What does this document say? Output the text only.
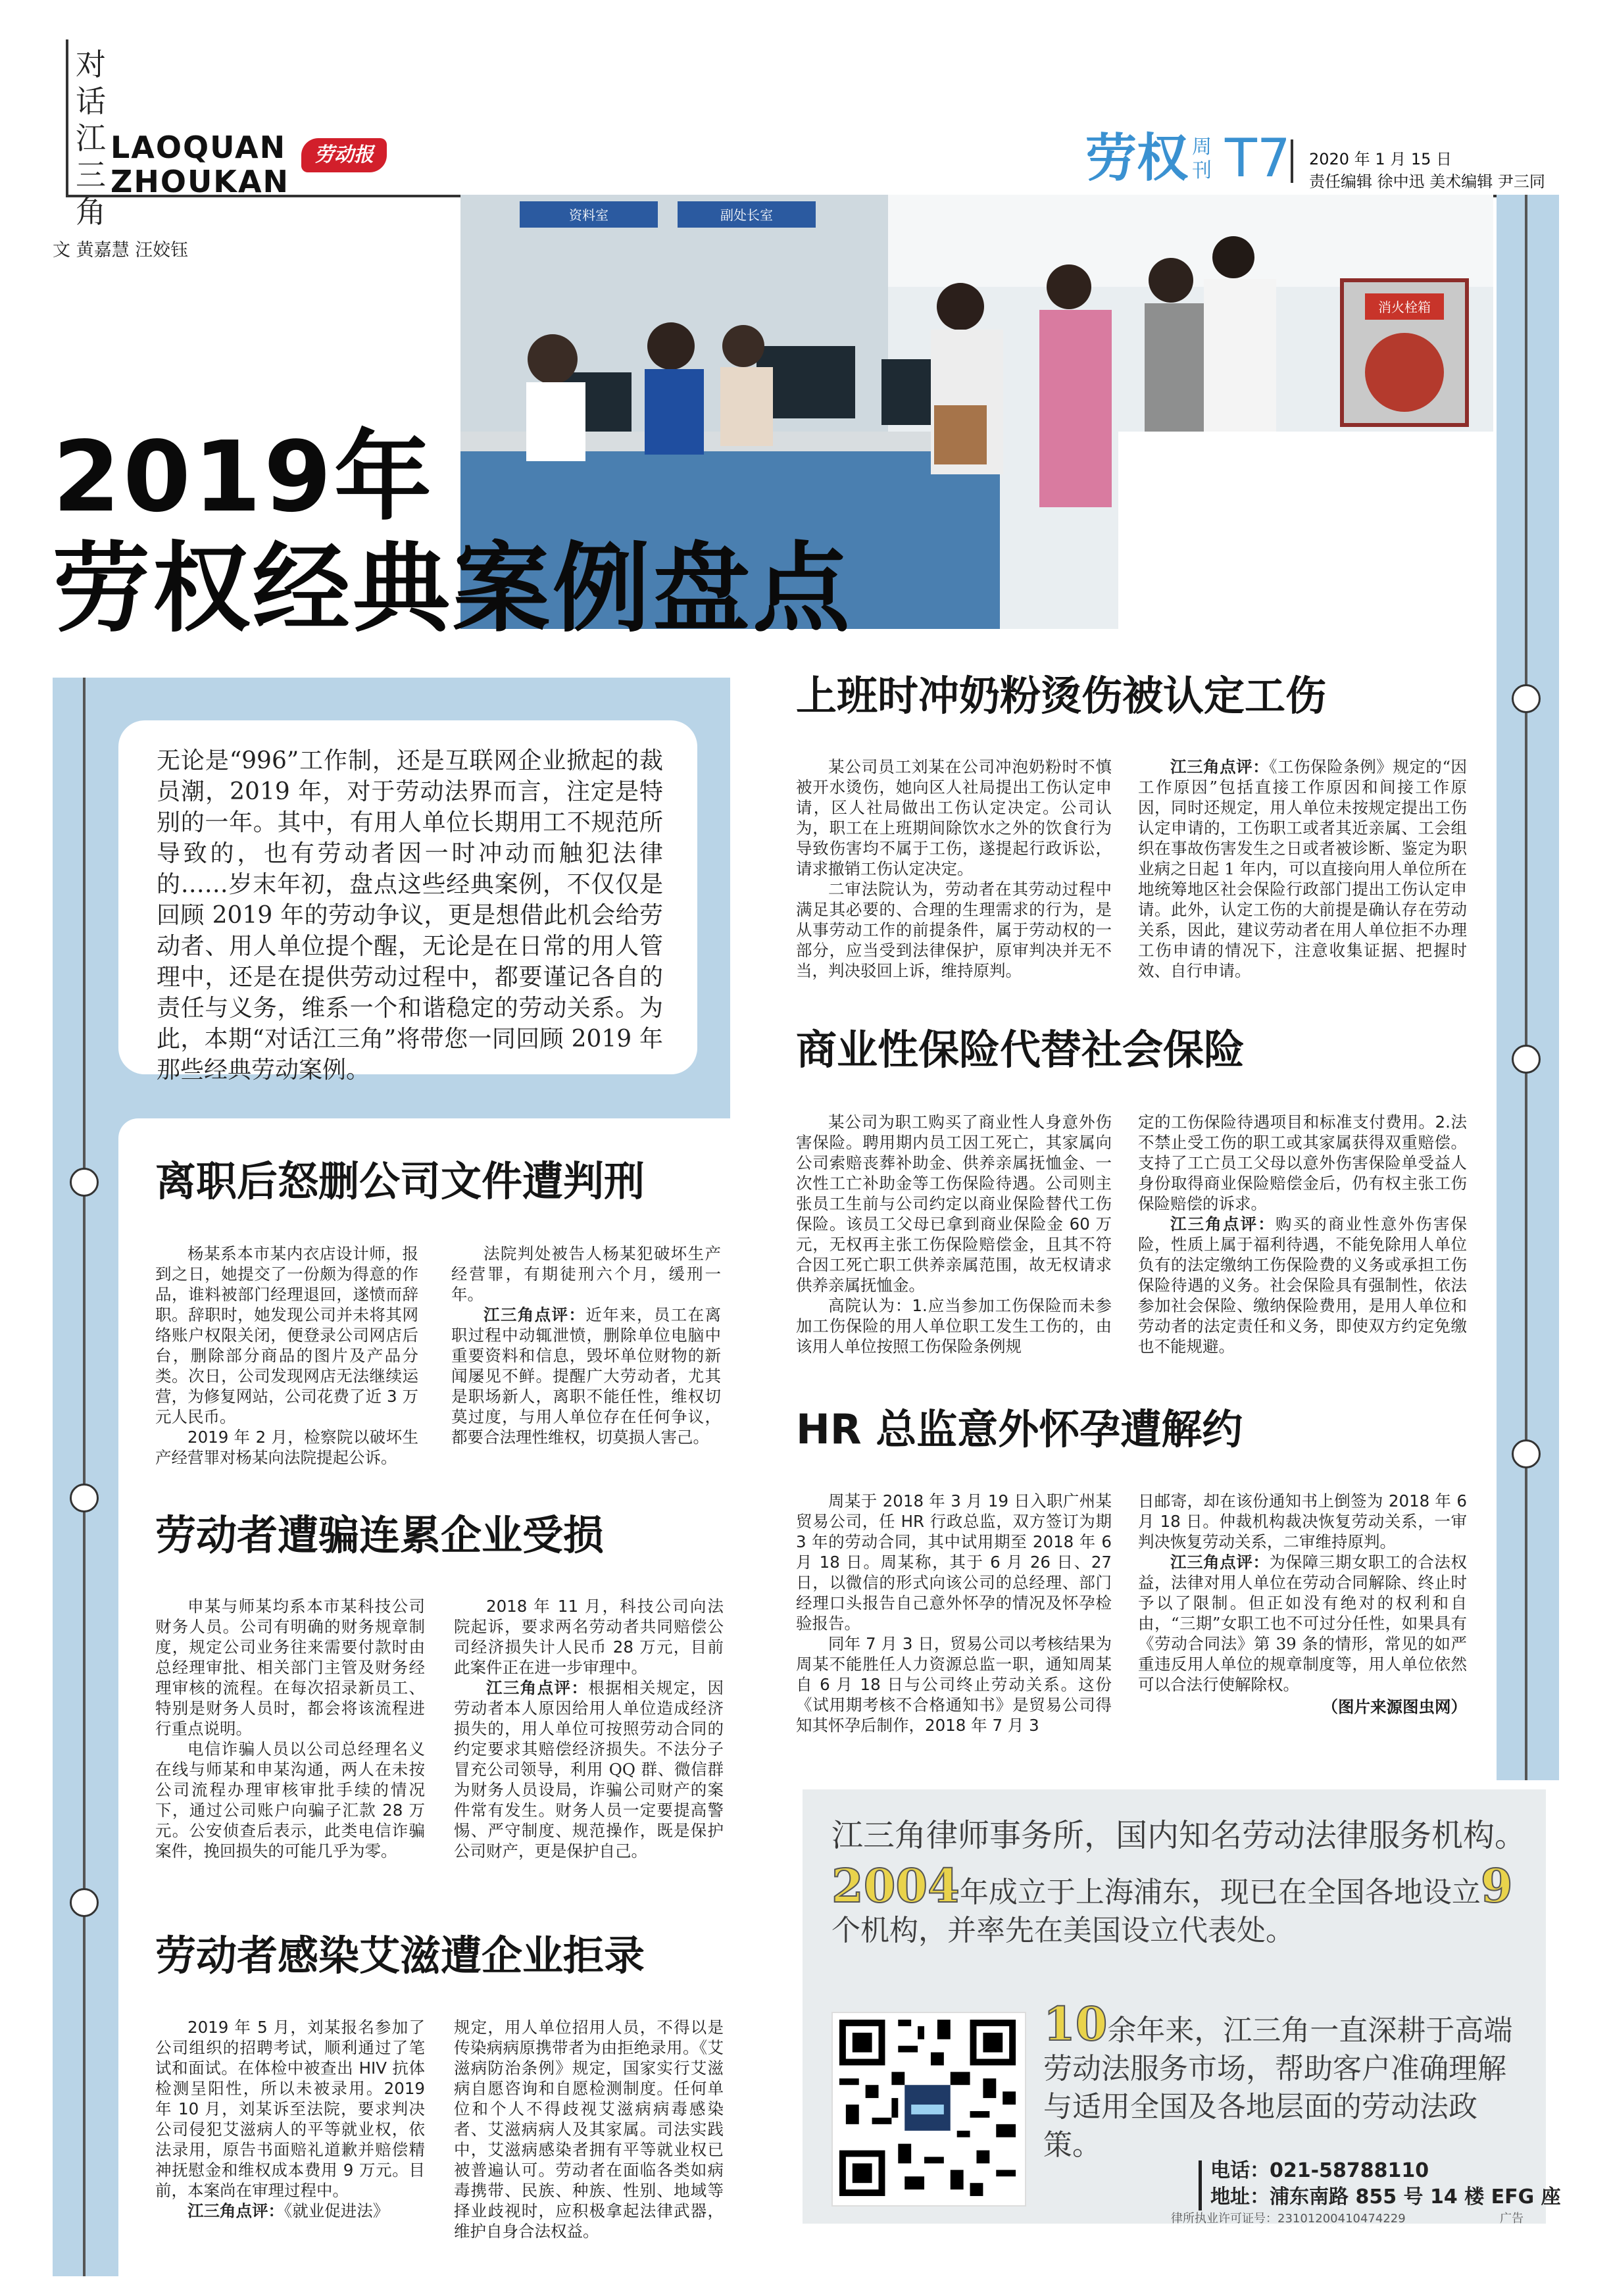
对话江三角
LAOQUAN
ZHOUKAN
劳动报	劳权 周刊 T7 2020 年 1 月 15 日
责任编辑 徐中迅 美术编辑 尹三同
文 黄嘉慧 汪姣钰
资料室	副处长室
消火栓箱
2019年
劳权经典案例盘点
无论是“996”工作制，还是互联网企业掀起的裁员潮，2019 年，对于劳动法界而言，注定是特别的一年。其中，有用人单位长期用工不规范所导致的，也有劳动者因一时冲动而触犯法律的……岁末年初，盘点这些经典案例，不仅仅是回顾 2019 年的劳动争议，更是想借此机会给劳动者、用人单位提个醒，无论是在日常的用人管理中，还是在提供劳动过程中，都要谨记各自的责任与义务，维系一个和谐稳定的劳动关系。为此，本期“对话江三角”将带您一同回顾 2019 年那些经典劳动案例。
离职后怒删公司文件遭判刑

杨某系本市某内衣店设计师，报到之日，她提交了一份颇为得意的作品，谁料被部门经理退回，遂愤而辞职。辞职时，她发现公司并未将其网络账户权限关闭，便登录公司网店后台，删除部分商品的图片及产品分类。次日，公司发现网店无法继续运营，为修复网站，公司花费了近 3 万元人民币。

2019 年 2 月，检察院以破坏生产经营罪对杨某向法院提起公诉。

法院判处被告人杨某犯破坏生产经营罪，有期徒刑六个月，缓刑一年。

江三角点评：近年来，员工在离职过程中动辄泄愤，删除单位电脑中重要资料和信息，毁坏单位财物的新闻屡见不鲜。提醒广大劳动者，尤其是职场新人，离职不能任性，维权切莫过度，与用人单位存在任何争议，都要合法理性维权，切莫损人害己。

劳动者遭骗连累企业受损

申某与师某均系本市某科技公司财务人员。公司有明确的财务规章制度，规定公司业务往来需要付款时由总经理审批、相关部门主管及财务经理审核的流程。在每次招录新员工、特别是财务人员时，都会将该流程进行重点说明。

电信诈骗人员以公司总经理名义在线与师某和申某沟通，两人在未按公司流程办理审核审批手续的情况下，通过公司账户向骗子汇款 28 万元。公安侦查后表示，此类电信诈骗案件，挽回损失的可能几乎为零。

2018 年 11 月，科技公司向法院起诉，要求两名劳动者共同赔偿公司经济损失计人民币 28 万元，目前此案件正在进一步审理中。

江三角点评：根据相关规定，因劳动者本人原因给用人单位造成经济损失的，用人单位可按照劳动合同的约定要求其赔偿经济损失。不法分子冒充公司领导，利用 QQ 群、微信群为财务人员设局，诈骗公司财产的案件常有发生。财务人员一定要提高警惕、严守制度、规范操作，既是保护公司财产，更是保护自己。

劳动者感染艾滋遭企业拒录

2019 年 5 月，刘某报名参加了公司组织的招聘考试，顺利通过了笔试和面试。在体检中被查出 HIV 抗体检测呈阳性，所以未被录用。2019 年 10 月，刘某诉至法院，要求判决公司侵犯艾滋病人的平等就业权，依法录用，原告书面赔礼道歉并赔偿精神抚慰金和维权成本费用 9 万元。目前，本案尚在审理过程中。

江三角点评：《就业促进法》

规定，用人单位招用人员，不得以是传染病病原携带者为由拒绝录用。《艾滋病防治条例》规定，国家实行艾滋病自愿咨询和自愿检测制度。任何单位和个人不得歧视艾滋病病毒感染者、艾滋病病人及其家属。司法实践中，艾滋病感染者拥有平等就业权已被普遍认可。劳动者在面临各类如病毒携带、民族、种族、性别、地域等择业歧视时，应积极拿起法律武器，维护自身合法权益。
上班时冲奶粉烫伤被认定工伤

某公司员工刘某在公司冲泡奶粉时不慎被开水烫伤，她向区人社局提出工伤认定申请，区人社局做出工伤认定决定。公司认为，职工在上班期间除饮水之外的饮食行为导致伤害均不属于工伤，遂提起行政诉讼，请求撤销工伤认定决定。

二审法院认为，劳动者在其劳动过程中满足其必要的、合理的生理需求的行为，是从事劳动工作的前提条件，属于劳动权的一部分，应当受到法律保护，原审判决并无不当，判决驳回上诉，维持原判。

江三角点评：《工伤保险条例》规定的“因工作原因”包括直接工作原因和间接工作原因，同时还规定，用人单位未按规定提出工伤认定申请的，工伤职工或者其近亲属、工会组织在事故伤害发生之日或者被诊断、鉴定为职业病之日起 1 年内，可以直接向用人单位所在地统筹地区社会保险行政部门提出工伤认定申请。此外，认定工伤的大前提是确认存在劳动关系，因此，建议劳动者在用人单位拒不办理工伤申请的情况下，注意收集证据、把握时效、自行申请。

商业性保险代替社会保险

某公司为职工购买了商业性人身意外伤害保险。聘用期内员工因工死亡，其家属向公司索赔丧葬补助金、供养亲属抚恤金、一次性工亡补助金等工伤保险待遇。公司则主张员工生前与公司约定以商业保险替代工伤保险。该员工父母已拿到商业保险金 60 万元，无权再主张工伤保险赔偿金，且其不符合因工死亡职工供养亲属范围，故无权请求供养亲属抚恤金。

高院认为：1.应当参加工伤保险而未参加工伤保险的用人单位职工发生工伤的，由该用人单位按照工伤保险条例规

定的工伤保险待遇项目和标准支付费用。2.法不禁止受工伤的职工或其家属获得双重赔偿。支持了工亡员工父母以意外伤害保险单受益人身份取得商业保险赔偿金后，仍有权主张工伤保险赔偿的诉求。

江三角点评：购买的商业性意外伤害保险，性质上属于福利待遇，不能免除用人单位负有的法定缴纳工伤保险费的义务或承担工伤保险待遇的义务。社会保险具有强制性，依法参加社会保险、缴纳保险费用，是用人单位和劳动者的法定责任和义务，即使双方约定免缴也不能规避。

HR 总监意外怀孕遭解约

周某于 2018 年 3 月 19 日入职广州某贸易公司，任 HR 行政总监，双方签订为期 3 年的劳动合同，其中试用期至 2018 年 6 月 18 日。周某称，其于 6 月 26 日、27 日，以微信的形式向该公司的总经理、部门经理口头报告自己意外怀孕的情况及怀孕检验报告。

同年 7 月 3 日，贸易公司以考核结果为周某不能胜任人力资源总监一职，通知周某自 6 月 18 日与公司终止劳动关系。这份《试用期考核不合格通知书》是贸易公司得知其怀孕后制作，2018 年 7 月 3

日邮寄，却在该份通知书上倒签为 2018 年 6 月 18 日。仲裁机构裁决恢复劳动关系，一审判决恢复劳动关系，二审维持原判。

江三角点评：为保障三期女职工的合法权益，法律对用人单位在劳动合同解除、终止时予以了限制。但正如没有绝对的权利和自由，“三期”女职工也不可过分任性，如果具有《劳动合同法》第 39 条的情形，常见的如严重违反用人单位的规章制度等，用人单位依然可以合法行使解除权。

（图片来源图虫网）
江三角律师事务所，国内知名劳动法律服务机构。
2004年成立于上海浦东，现已在全国各地设立9个机构，并率先在美国设立代表处。
10余年来，江三角一直深耕于高端劳动法服务市场，帮助客户准确理解与适用全国及各地层面的劳动法政策。
电话：021-58788110
地址：浦东南路 855 号 14 楼 EFG 座
律所执业许可证号：23101200410474229	广告
